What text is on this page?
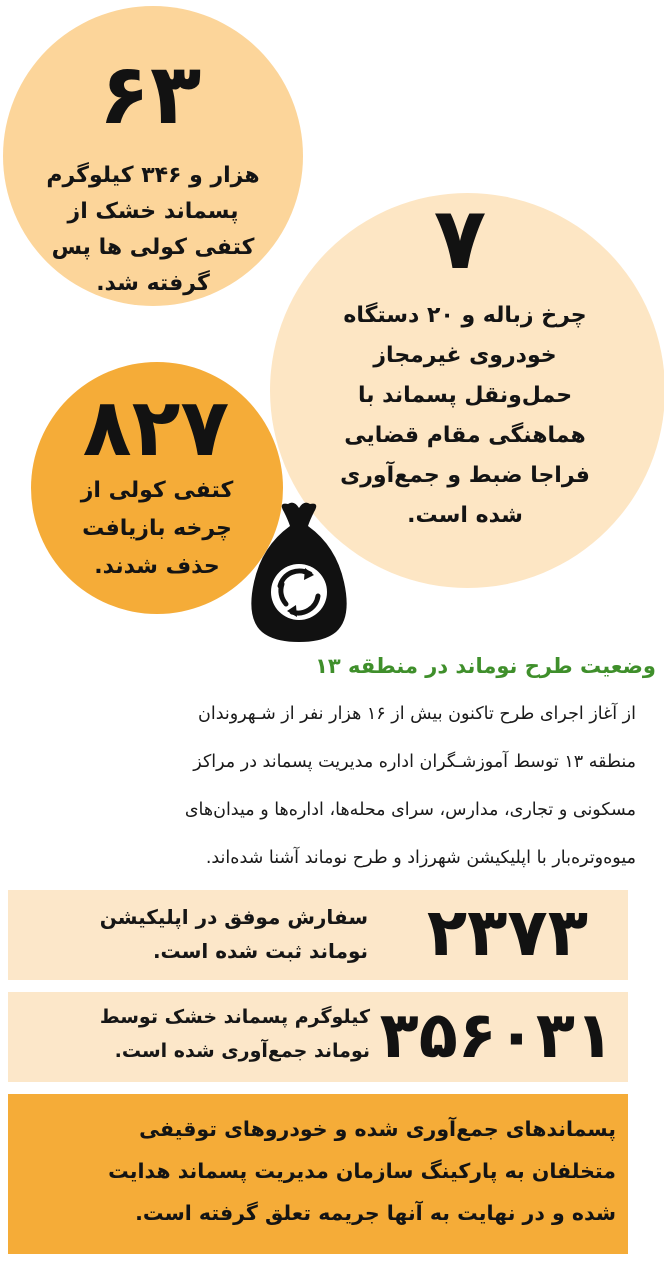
۶۳
هزار و ۳۴۶ کیلوگرم
پسماند خشک از
کتفی کولی ها پس
گرفته شد.	۷
چرخ زباله و ۲۰ دستگاه
خودروی غیرمجاز
حمل‌ونقل پسماند با
هماهنگی مقام قضایی
فراجا ضبط و جمع‌آوری
شده است.
۸۲۷
کتفی کولی از
چرخه بازیافت
حذف شدند.
وضعیت طرح نوماند در منطقه ۱۳
از آغاز اجرای طرح تاکنون بیش از ۱۶ هزار نفر از شـهروندان
منطقه ۱۳ توسط آموزشـگران اداره مدیریت پسماند در مراکز
مسکونی و تجاری، مدارس، سرای محله‌ها، اداره‌ها و میدان‌های
میوه‌وتره‌بار با اپلیکیشن شهرزاد و طرح نوماند آشنا شده‌اند.
۲۳۷۳
سفارش موفق در اپلیکیشن
نوماند ثبت شده است.
۳۵۶۰۳۱
کیلوگرم پسماند خشک توسط
نوماند جمع‌آوری شده است.
پسماندهای جمع‌آوری شده و خودروهای توقیفی
متخلفان به پارکینگ سازمان مدیریت پسماند هدایت
شده و در نهایت به آنها جریمه تعلق گرفته است.
